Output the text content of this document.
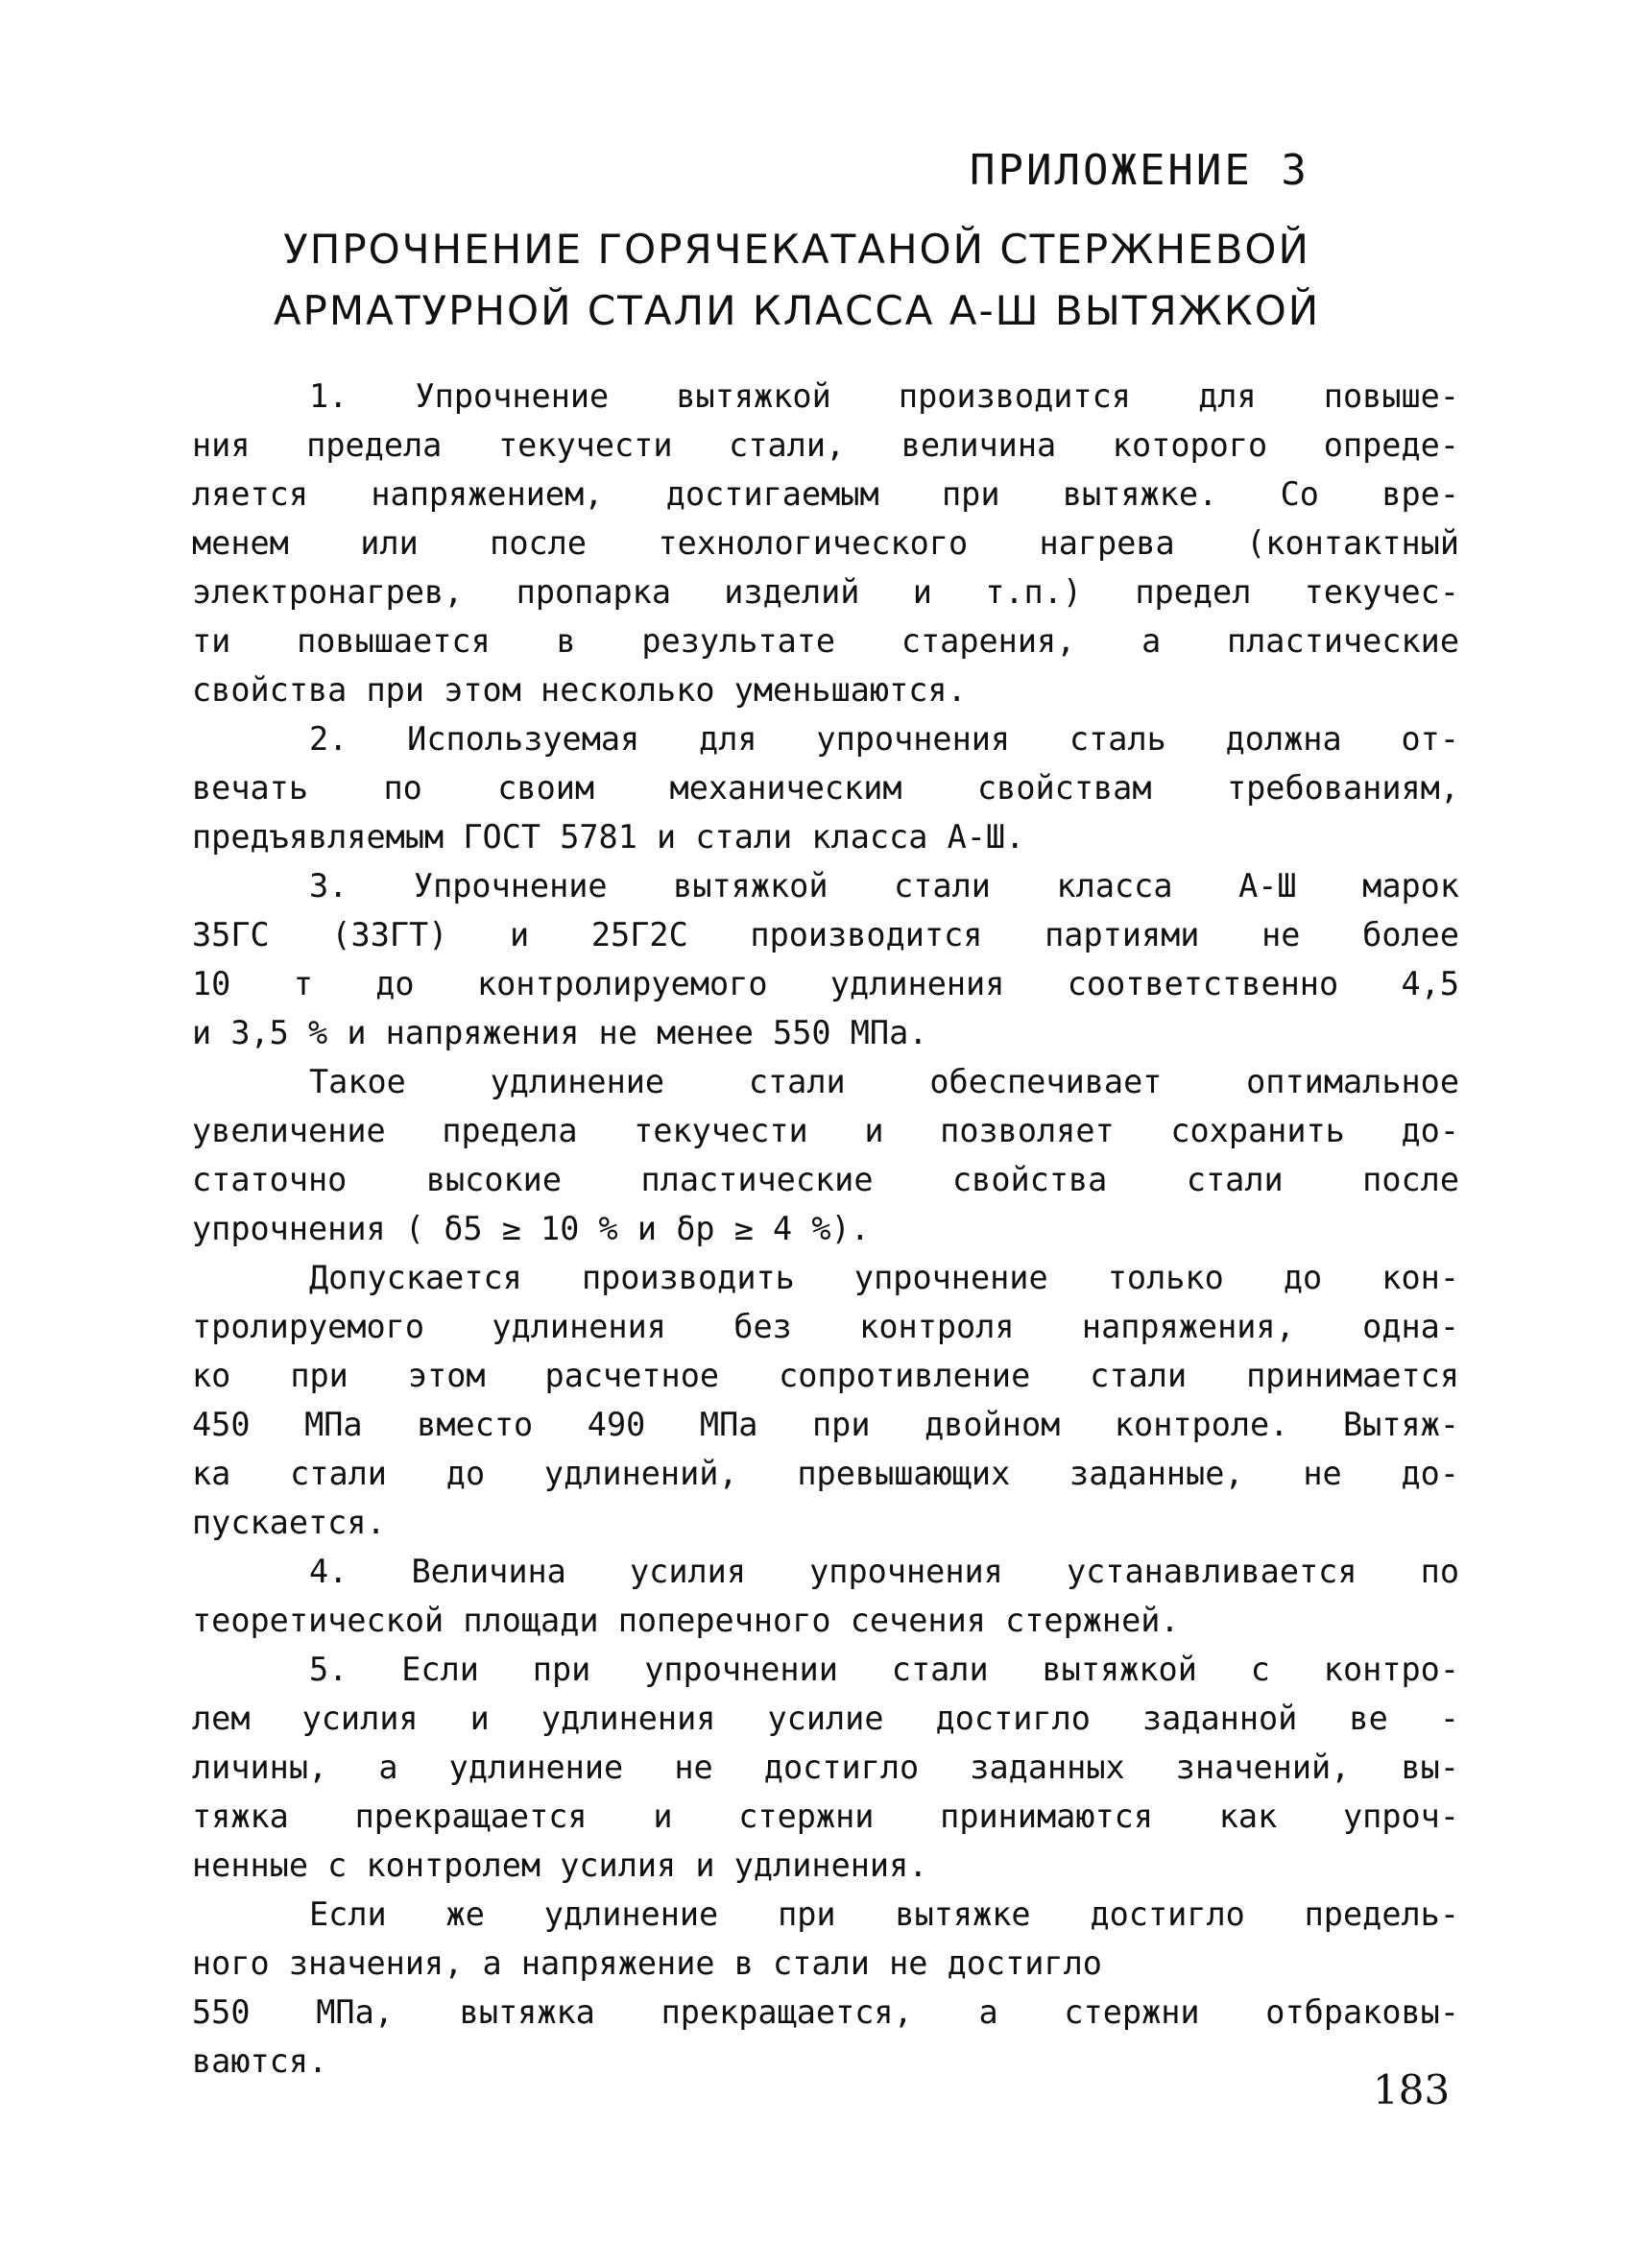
ПРИЛОЖЕНИЕ 3
УПРОЧНЕНИЕ ГОРЯЧЕКАТАНОЙ СТЕРЖНЕВОЙ
АРМАТУРНОЙ СТАЛИ КЛАССА А-Ш ВЫТЯЖКОЙ
1. Упрочнение вытяжкой производится для повыше-
ния предела текучести стали, величина которого опреде-
ляется напряжением, достигаемым при вытяжке. Со вре-
менем или после технологического нагрева (контактный
электронагрев, пропарка изделий и т.п.) предел текучес-
ти повышается в результате старения, а пластические
свойства при этом несколько уменьшаются.
2. Используемая для упрочнения сталь должна от-
вечать по своим механическим свойствам требованиям,
предъявляемым ГОСТ 5781 и стали класса А-Ш.
3. Упрочнение вытяжкой стали класса А-Ш марок
35ГС (33ГТ) и 25Г2С производится партиями не более
10 т до контролируемого удлинения соответственно 4,5
и 3,5 % и напряжения не менее 550 МПа.
Такое удлинение стали обеспечивает оптимальное
увеличение предела текучести и позволяет сохранить до-
статочно высокие пластические свойства стали после
упрочнения ( δ5 ≥ 10 % и δр ≥ 4 %).
Допускается производить упрочнение только до кон-
тролируемого удлинения без контроля напряжения, одна-
ко при этом расчетное сопротивление стали принимается
450 МПа вместо 490 МПа при двойном контроле. Вытяж-
ка стали до удлинений, превышающих заданные, не до-
пускается.
4. Величина усилия упрочнения устанавливается по
теоретической площади поперечного сечения стержней.
5. Если при упрочнении стали вытяжкой с контро-
лем усилия и удлинения усилие достигло заданной ве -
личины, а удлинение не достигло заданных значений, вы-
тяжка прекращается и стержни принимаются как упроч-
ненные с контролем усилия и удлинения.
Если же удлинение при вытяжке достигло предель-
ного значения, а напряжение в стали не достигло
550 МПа, вытяжка прекращается, а стержни отбраковы-
ваются.
183
